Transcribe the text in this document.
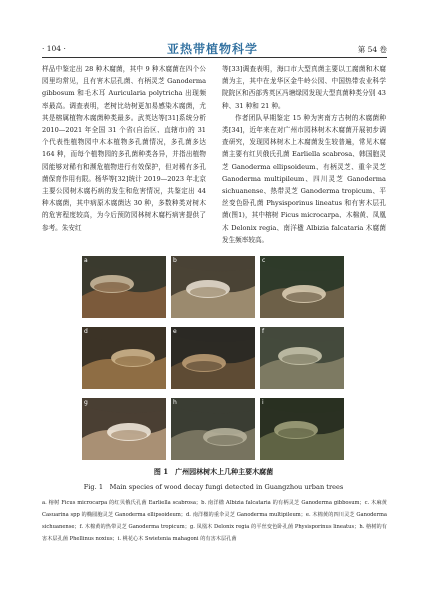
· 104 ·	亚热带植物科学	第 54 卷

样品中鉴定出 28 种木腐菌，其中 9 种木腐菌在四个公园里均常见，且有害木层孔菌、有柄灵芝 Ganoderma gibbosum 和毛木耳 Auricularia polytricha 出现频率最高。调查表明，老树比幼树更加易感染木腐菌，尤其是榕属植物木腐菌种类最多。武英达等[31]系统分析 2010—2021 年全国 31 个省(自治区、直辖市)的 31 个代表性植物园中木本植物多孔菌情况，多孔菌多达 164 种，而每个植物园的多孔菌种类各异，并指出植物园能够对稀有和濒危植物进行有效保护，但对稀有多孔菌保育作用有限。杨华等[32]统计 2019—2023 年北京主要公园树木腐朽病的发生和危害情况，共鉴定出 44 种木腐菌，其中病原木腐菌达 30 种，多数种类对树木的危害程度较高，为今后预防园林树木腐朽病害提供了参考。朱安红

等[33]调查表明，海口市大型真菌主要以工腐菌和木腐菌为主，其中在龙华区金牛岭公园、中国热带农业科学院院区和西部秀英区冯塘绿园发现大型真菌种类分别 43 种、31 种和 21 种。

作者团队早期鉴定 15 种为害南方古树的木腐菌种类[34]，近年来在对广州市园林树木木腐菌开展初步调查研究，发现园林树木上木腐菌发生较普遍，常见木腐菌主要有红贝俄氏孔菌 Earliella scabrosa、韩国胞灵芝 Ganoderma ellipsoideum、有柄灵芝、重伞灵芝 Ganoderma multipileum、四川灵芝 Ganoderma sichuanense、热带灵芝 Ganoderma tropicum、平丝变色卧孔菌 Physisporinus lineatus 和有害木层孔菌(图1)，其中榕树 Ficus microcarpa、木棉黄、凤凰木 Delonix regia、南洋楹 Albizia falcataria 木腐菌发生频率较高。

a	b	c
d	e	f
g	h	i
图 1　广州园林树木上几种主要木腐菌
Fig. 1　Main species of wood decay fungi detected in Guangzhou urban trees

a. 榕树 Ficus microcarpa 的红贝俄氏孔菌 Earliella scabrosa；b. 南洋楹 Albizia falcataria 的有柄灵芝 Ganoderma gibbosum；c. 木麻黄 Casuarina spp 的椭圆胞灵芝 Ganoderma ellipsoideum；d. 南洋楹的重伞灵芝 Ganoderma multipileum；e. 木棉黄的四川灵芝 Ganoderma sichuanense；f. 木棉黄的热带灵芝 Ganoderma tropicum；g. 凤凰木 Delonix regia 的平丝变色卧孔菌 Physisporinus lineatus；h. 榕树的有害木层孔菌 Phellinus noxius；i. 桃花心木 Swietenia mahagoni 的有害木层孔菌
